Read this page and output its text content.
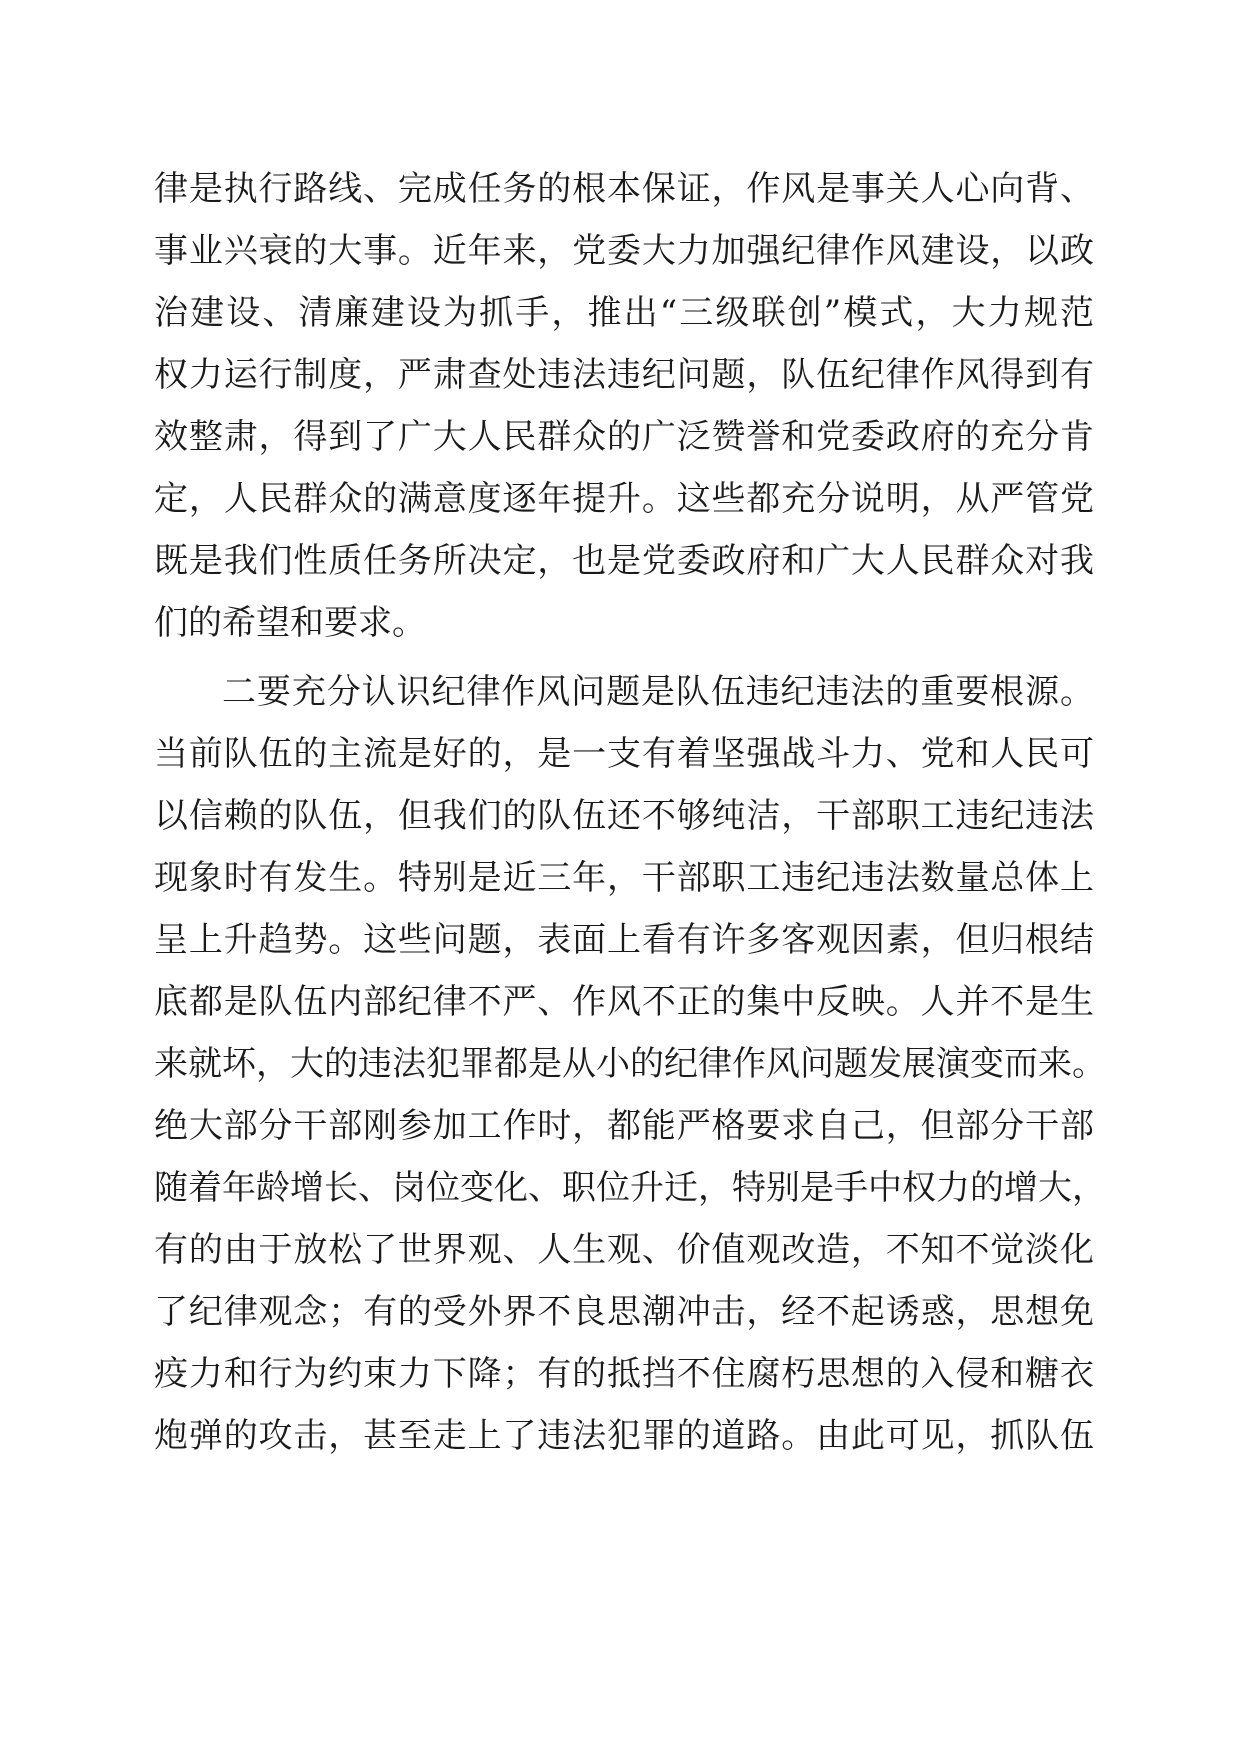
律是执行路线、完成任务的根本保证，作风是事关人心向背、
事业兴衰的大事。近年来，党委大力加强纪律作风建设，以政
治建设、清廉建设为抓手，推出“三级联创”模式，大力规范
权力运行制度，严肃查处违法违纪问题，队伍纪律作风得到有
效整肃，得到了广大人民群众的广泛赞誉和党委政府的充分肯
定，人民群众的满意度逐年提升。这些都充分说明，从严管党
既是我们性质任务所决定，也是党委政府和广大人民群众对我
们的希望和要求。
二要充分认识纪律作风问题是队伍违纪违法的重要根源。
当前队伍的主流是好的，是一支有着坚强战斗力、党和人民可
以信赖的队伍，但我们的队伍还不够纯洁，干部职工违纪违法
现象时有发生。特别是近三年，干部职工违纪违法数量总体上
呈上升趋势。这些问题，表面上看有许多客观因素，但归根结
底都是队伍内部纪律不严、作风不正的集中反映。人并不是生
来就坏，大的违法犯罪都是从小的纪律作风问题发展演变而来。
绝大部分干部刚参加工作时，都能严格要求自己，但部分干部
随着年龄增长、岗位变化、职位升迁，特别是手中权力的增大，
有的由于放松了世界观、人生观、价值观改造，不知不觉淡化
了纪律观念；有的受外界不良思潮冲击，经不起诱惑，思想免
疫力和行为约束力下降；有的抵挡不住腐朽思想的入侵和糖衣
炮弹的攻击，甚至走上了违法犯罪的道路。由此可见，抓队伍
